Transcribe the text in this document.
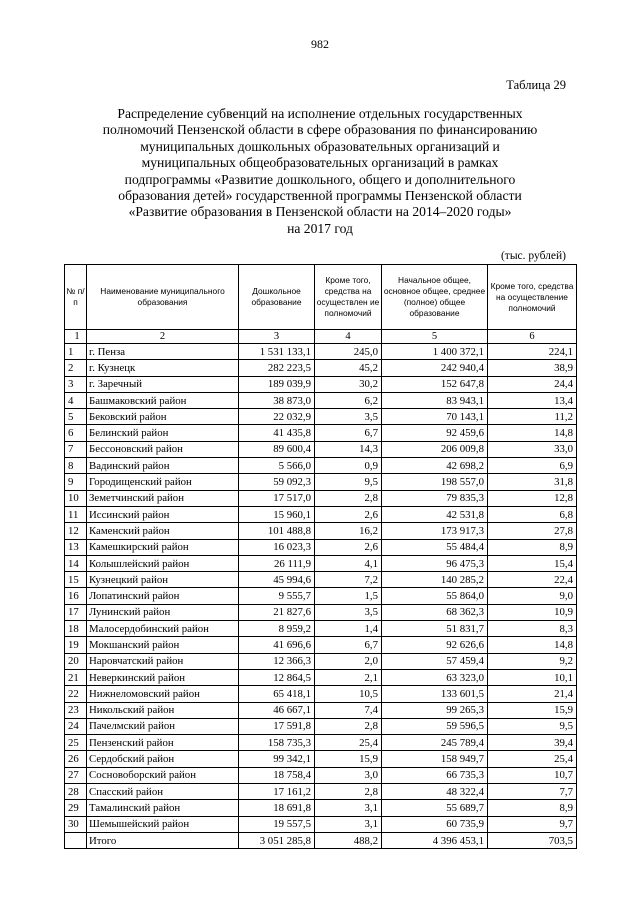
982
Таблица 29

Распределение субвенций на исполнение отдельных государственных
полномочий Пензенской области в сфере образования по финансированию
муниципальных дошкольных образовательных организаций и
муниципальных общеобразовательных организаций в рамках
подпрограммы «Развитие дошкольного, общего и дополнительного
образования детей» государственной программы Пензенской области
«Развитие образования в Пензенской области на 2014–2020 годы»
на 2017 год

(тыс. рублей)
№ п/п	Наименование муниципального образования	Дошкольное образование	Кроме того, средства на осуществлен ие полномочий	Начальное общее, основное общее, среднее (полное) общее образование	Кроме того, средства на осуществление полномочий
1	2	3	4	5	6
1	г. Пенза	1 531 133,1	245,0	1 400 372,1	224,1
2	г. Кузнецк	282 223,5	45,2	242 940,4	38,9
3	г. Заречный	189 039,9	30,2	152 647,8	24,4
4	Башмаковский район	38 873,0	6,2	83 943,1	13,4
5	Бековский район	22 032,9	3,5	70 143,1	11,2
6	Белинский район	41 435,8	6,7	92 459,6	14,8
7	Бессоновский район	89 600,4	14,3	206 009,8	33,0
8	Вадинский район	5 566,0	0,9	42 698,2	6,9
9	Городищенский район	59 092,3	9,5	198 557,0	31,8
10	Земетчинский район	17 517,0	2,8	79 835,3	12,8
11	Иссинский район	15 960,1	2,6	42 531,8	6,8
12	Каменский район	101 488,8	16,2	173 917,3	27,8
13	Камешкирский район	16 023,3	2,6	55 484,4	8,9
14	Колышлейский район	26 111,9	4,1	96 475,3	15,4
15	Кузнецкий район	45 994,6	7,2	140 285,2	22,4
16	Лопатинский район	9 555,7	1,5	55 864,0	9,0
17	Лунинский район	21 827,6	3,5	68 362,3	10,9
18	Малосердобинский район	8 959,2	1,4	51 831,7	8,3
19	Мокшанский район	41 696,6	6,7	92 626,6	14,8
20	Наровчатский район	12 366,3	2,0	57 459,4	9,2
21	Неверкинский район	12 864,5	2,1	63 323,0	10,1
22	Нижнеломовский район	65 418,1	10,5	133 601,5	21,4
23	Никольский район	46 667,1	7,4	99 265,3	15,9
24	Пачелмский район	17 591,8	2,8	59 596,5	9,5
25	Пензенский район	158 735,3	25,4	245 789,4	39,4
26	Сердобский район	99 342,1	15,9	158 949,7	25,4
27	Сосновоборский район	18 758,4	3,0	66 735,3	10,7
28	Спасский район	17 161,2	2,8	48 322,4	7,7
29	Тамалинский район	18 691,8	3,1	55 689,7	8,9
30	Шемышейский район	19 557,5	3,1	60 735,9	9,7
	Итого	3 051 285,8	488,2	4 396 453,1	703,5
